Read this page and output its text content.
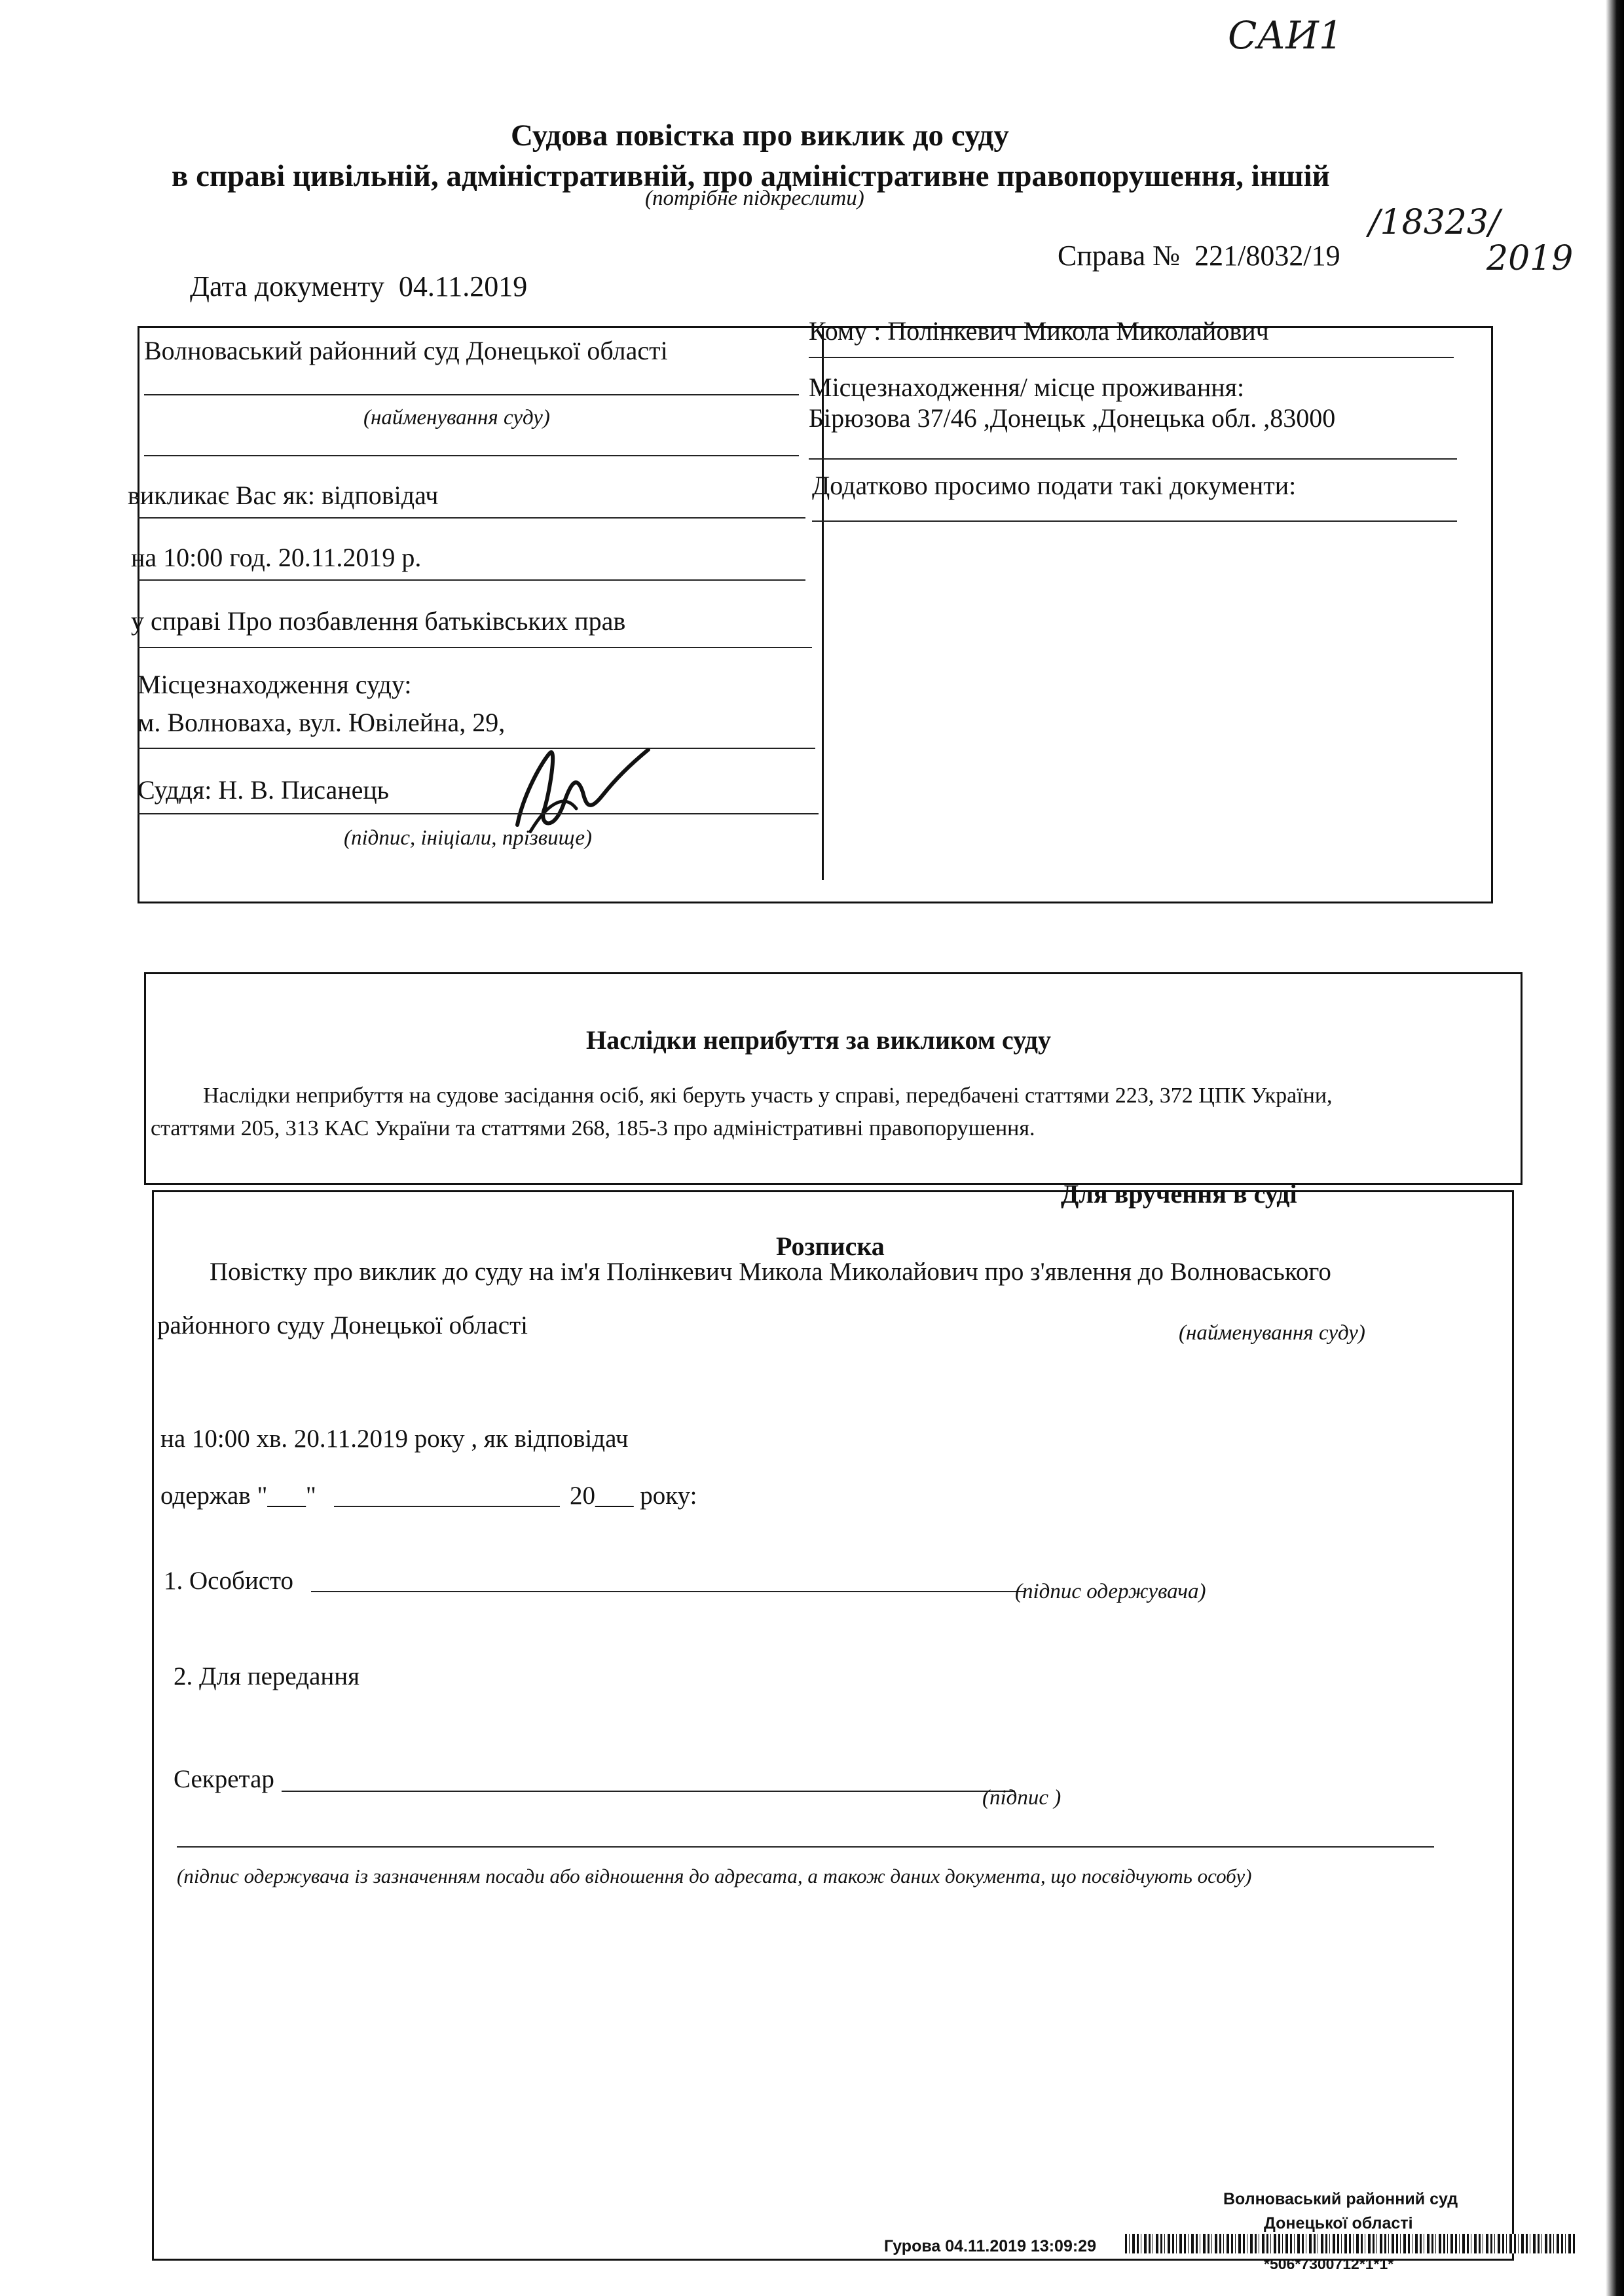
САИ1
/18323/
2019
Судова повістка про виклик до суду
в справі цивільній, адміністративній, про адміністративне правопорушення, іншій
(потрібне підкреслити)
Справа № 221/8032/19
Дата документу 04.11.2019
Волноваський районний суд Донецької області
(найменування суду)
викликає Вас як: відповідач
на 10:00 год. 20.11.2019 р.
у справі Про позбавлення батьківських прав
Місцезнаходження суду:
м. Волноваха, вул. Ювілейна, 29,
Суддя: Н. В. Писанець
(підпис, ініціали, прізвище)
Кому : Полінкевич Микола Миколайович
Місцезнаходження/ місце проживання:
Бірюзова 37/46 ,Донецьк ,Донецька обл. ,83000
Додатково просимо подати такі документи:
Наслідки неприбуття за викликом суду
Наслідки неприбуття на судове засідання осіб, які беруть участь у справі, передбачені статтями 223, 372 ЦПК України,
статтями 205, 313 КАС України та статтями 268, 185-3 про адміністративні правопорушення.
Для вручення в суді
Розписка
Повістку про виклик до суду на ім'я Полінкевич Микола Миколайович про з'явлення до Волноваського
районного суду Донецької області	(найменування суду)
на 10:00 хв. 20.11.2019 року , як відповідач
одержав "___"	20___ року:
1. Особисто	(підпис одержувача)
2. Для передання
Секретар
(підпис )
(підпис одержувача із зазначенням посади або відношення до адресата, а також даних документа, що посвідчують особу)
Волноваський районний суд
Донецької області
Гурова 04.11.2019 13:09:29
*506*7300712*1*1*
